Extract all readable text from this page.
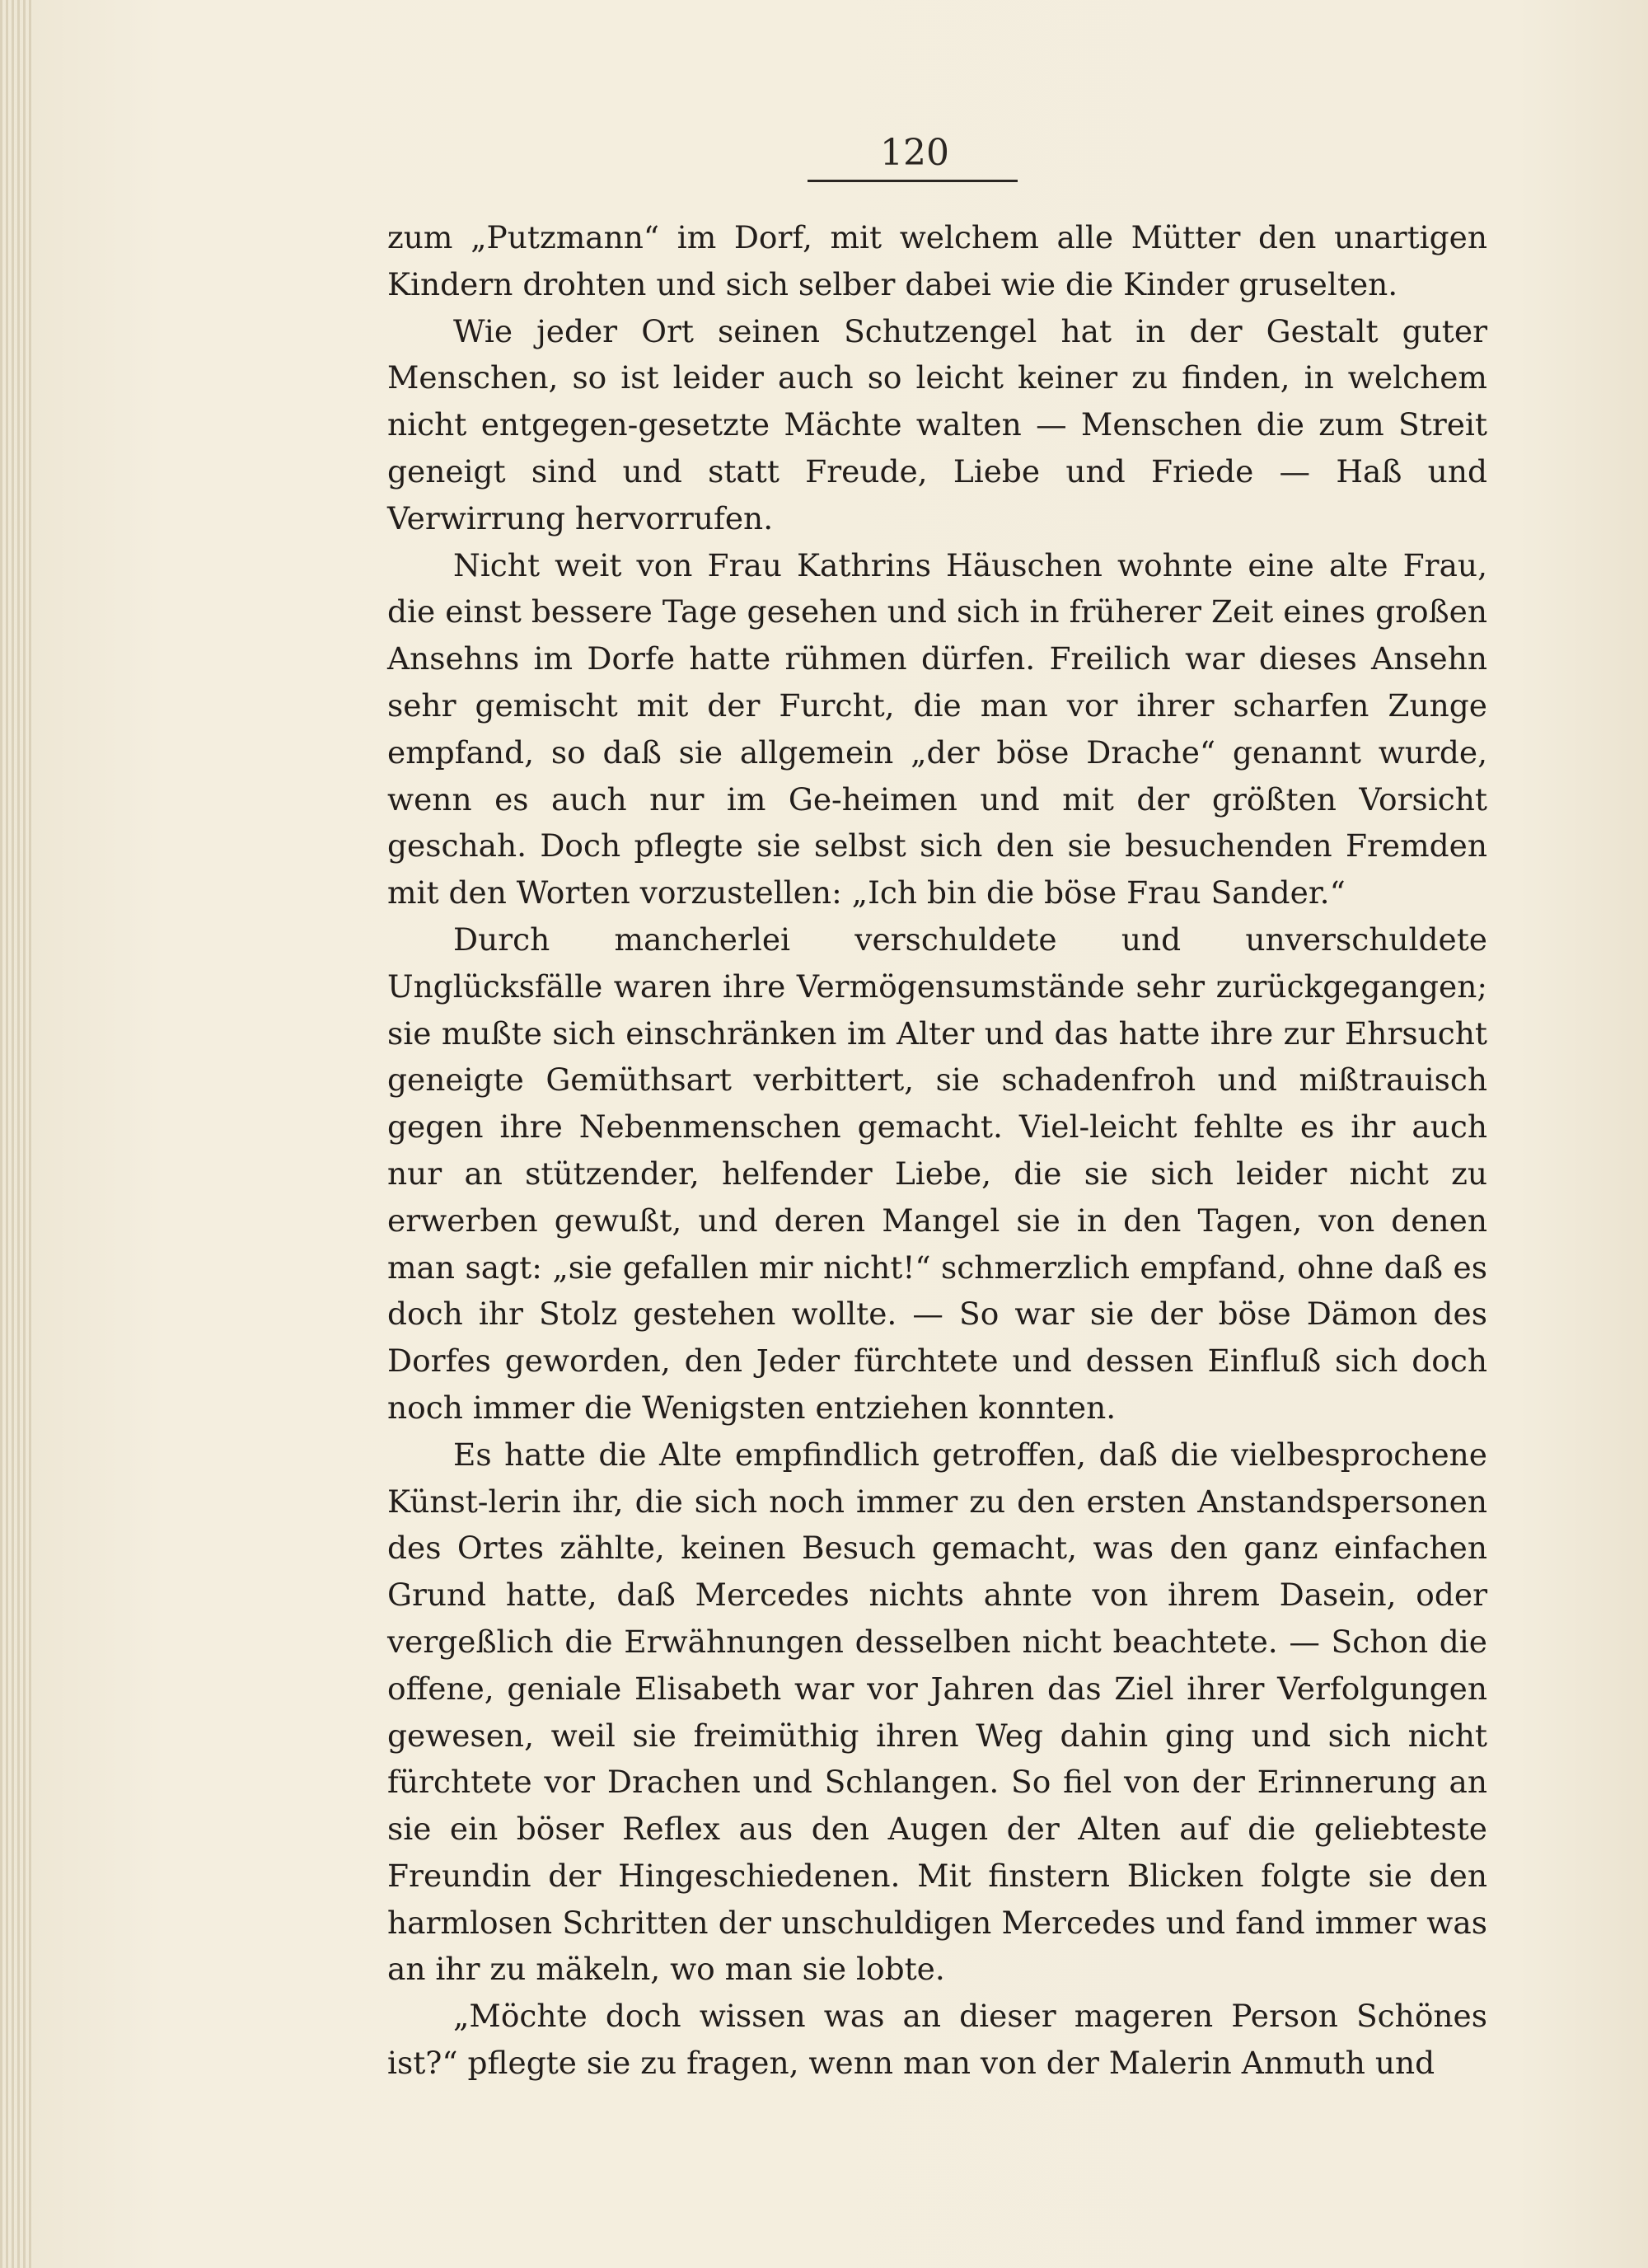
120

zum „Putzmann“ im Dorf, mit welchem alle Mütter den unartigen Kindern drohten und sich selber dabei wie die Kinder gruselten.

Wie jeder Ort seinen Schutzengel hat in der Gestalt guter Menschen, so ist leider auch so leicht keiner zu finden, in welchem nicht entgegen-gesetzte Mächte walten — Menschen die zum Streit geneigt sind und statt Freude, Liebe und Friede — Haß und Verwirrung hervorrufen.

Nicht weit von Frau Kathrins Häuschen wohnte eine alte Frau, die einst bessere Tage gesehen und sich in früherer Zeit eines großen Ansehns im Dorfe hatte rühmen dürfen. Freilich war dieses Ansehn sehr gemischt mit der Furcht, die man vor ihrer scharfen Zunge empfand, so daß sie allgemein „der böse Drache“ genannt wurde, wenn es auch nur im Ge-heimen und mit der größten Vorsicht geschah. Doch pflegte sie selbst sich den sie besuchenden Fremden mit den Worten vorzustellen: „Ich bin die böse Frau Sander.“

Durch mancherlei verschuldete und unverschuldete Unglücksfälle waren ihre Vermögensumstände sehr zurückgegangen; sie mußte sich einschränken im Alter und das hatte ihre zur Ehrsucht geneigte Gemüthsart verbittert, sie schadenfroh und mißtrauisch gegen ihre Nebenmenschen gemacht. Viel-leicht fehlte es ihr auch nur an stützender, helfender Liebe, die sie sich leider nicht zu erwerben gewußt, und deren Mangel sie in den Tagen, von denen man sagt: „sie gefallen mir nicht!“ schmerzlich empfand, ohne daß es doch ihr Stolz gestehen wollte. — So war sie der böse Dämon des Dorfes geworden, den Jeder fürchtete und dessen Einfluß sich doch noch immer die Wenigsten entziehen konnten.

Es hatte die Alte empfindlich getroffen, daß die vielbesprochene Künst-lerin ihr, die sich noch immer zu den ersten Anstandspersonen des Ortes zählte, keinen Besuch gemacht, was den ganz einfachen Grund hatte, daß Mercedes nichts ahnte von ihrem Dasein, oder vergeßlich die Erwähnungen desselben nicht beachtete. — Schon die offene, geniale Elisabeth war vor Jahren das Ziel ihrer Verfolgungen gewesen, weil sie freimüthig ihren Weg dahin ging und sich nicht fürchtete vor Drachen und Schlangen. So fiel von der Erinnerung an sie ein böser Reflex aus den Augen der Alten auf die geliebteste Freundin der Hingeschiedenen. Mit finstern Blicken folgte sie den harmlosen Schritten der unschuldigen Mercedes und fand immer was an ihr zu mäkeln, wo man sie lobte.

„Möchte doch wissen was an dieser mageren Person Schönes ist?“ pflegte sie zu fragen, wenn man von der Malerin Anmuth und
